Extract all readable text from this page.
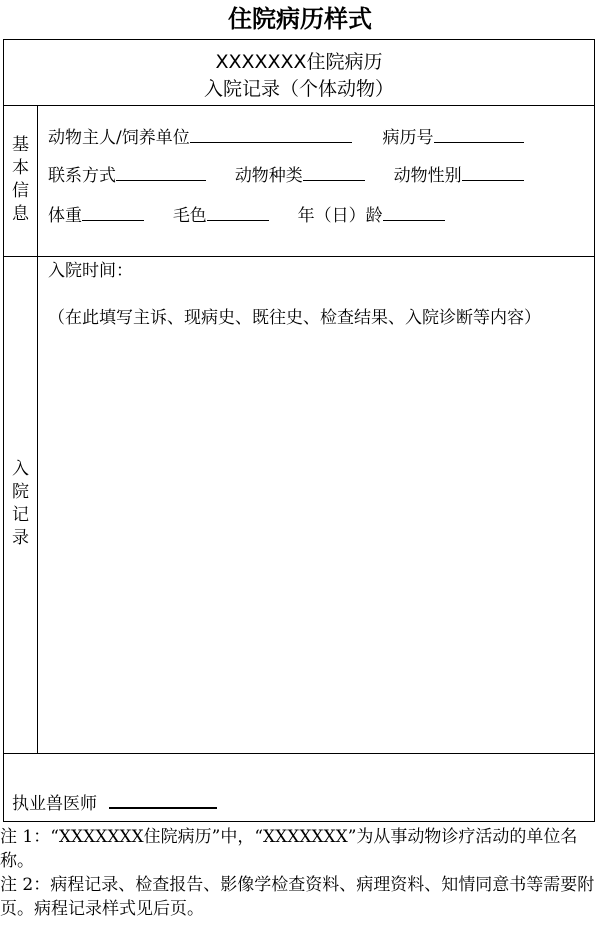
住院病历样式
XXXXXXX住院病历
入院记录（个体动物）
基
本
信
息
动物主人/饲养单位	病历号
联系方式	动物种类	动物性别
体重	毛色	年（日）龄
入
院
记
录
入院时间：
（在此填写主诉、现病史、既往史、检查结果、入院诊断等内容）
执业兽医师
注 1：“XXXXXXX住院病历”中，“XXXXXXX”为从事动物诊疗活动的单位名称。
注 2：病程记录、检查报告、影像学检查资料、病理资料、知情同意书等需要附页。病程记录样式见后页。
